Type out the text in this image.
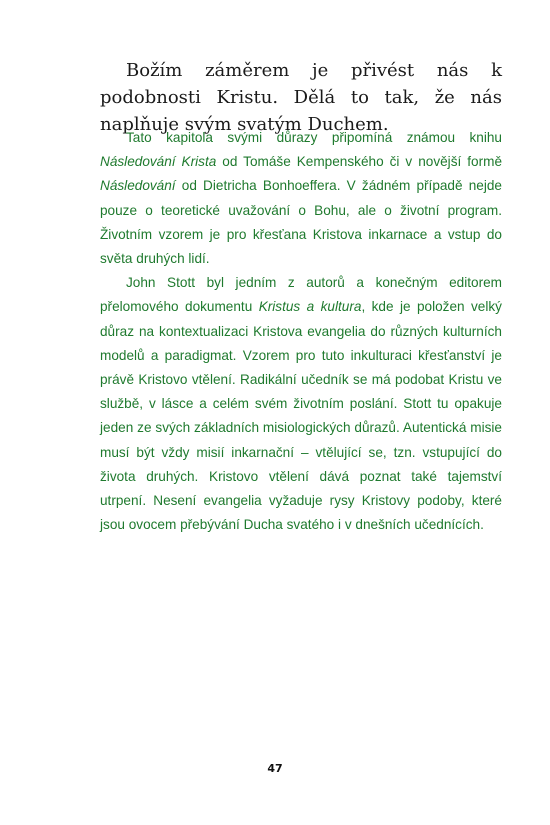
Božím záměrem je přivést nás k podobnosti Kristu. Dělá to tak, že nás naplňuje svým svatým Duchem.

Tato kapitola svými důrazy připomíná známou knihu Následování Krista od Tomáše Kempenského či v novější formě Následování od Dietricha Bonhoeffera. V žádném případě nejde pouze o teoretické uvažování o Bohu, ale o životní program. Životním vzorem je pro křesťana Kristova inkarnace a vstup do světa druhých lidí.

John Stott byl jedním z autorů a konečným editorem přelomového dokumentu Kristus a kultura, kde je položen velký důraz na kontextualizaci Kristova evangelia do různých kulturních modelů a paradigmat. Vzorem pro tuto inkulturaci křesťanství je právě Kristovo vtělení. Radikální učedník se má podobat Kristu ve službě, v lásce a celém svém životním poslání. Stott tu opakuje jeden ze svých základních misiologických důrazů. Autentická misie musí být vždy misií inkarnační – vtělující se, tzn. vstupující do života druhých. Kristovo vtělení dává poznat také tajemství utrpení. Nesení evangelia vyžaduje rysy Kristovy podoby, které jsou ovocem přebývání Ducha svatého i v dnešních učednících.

47
